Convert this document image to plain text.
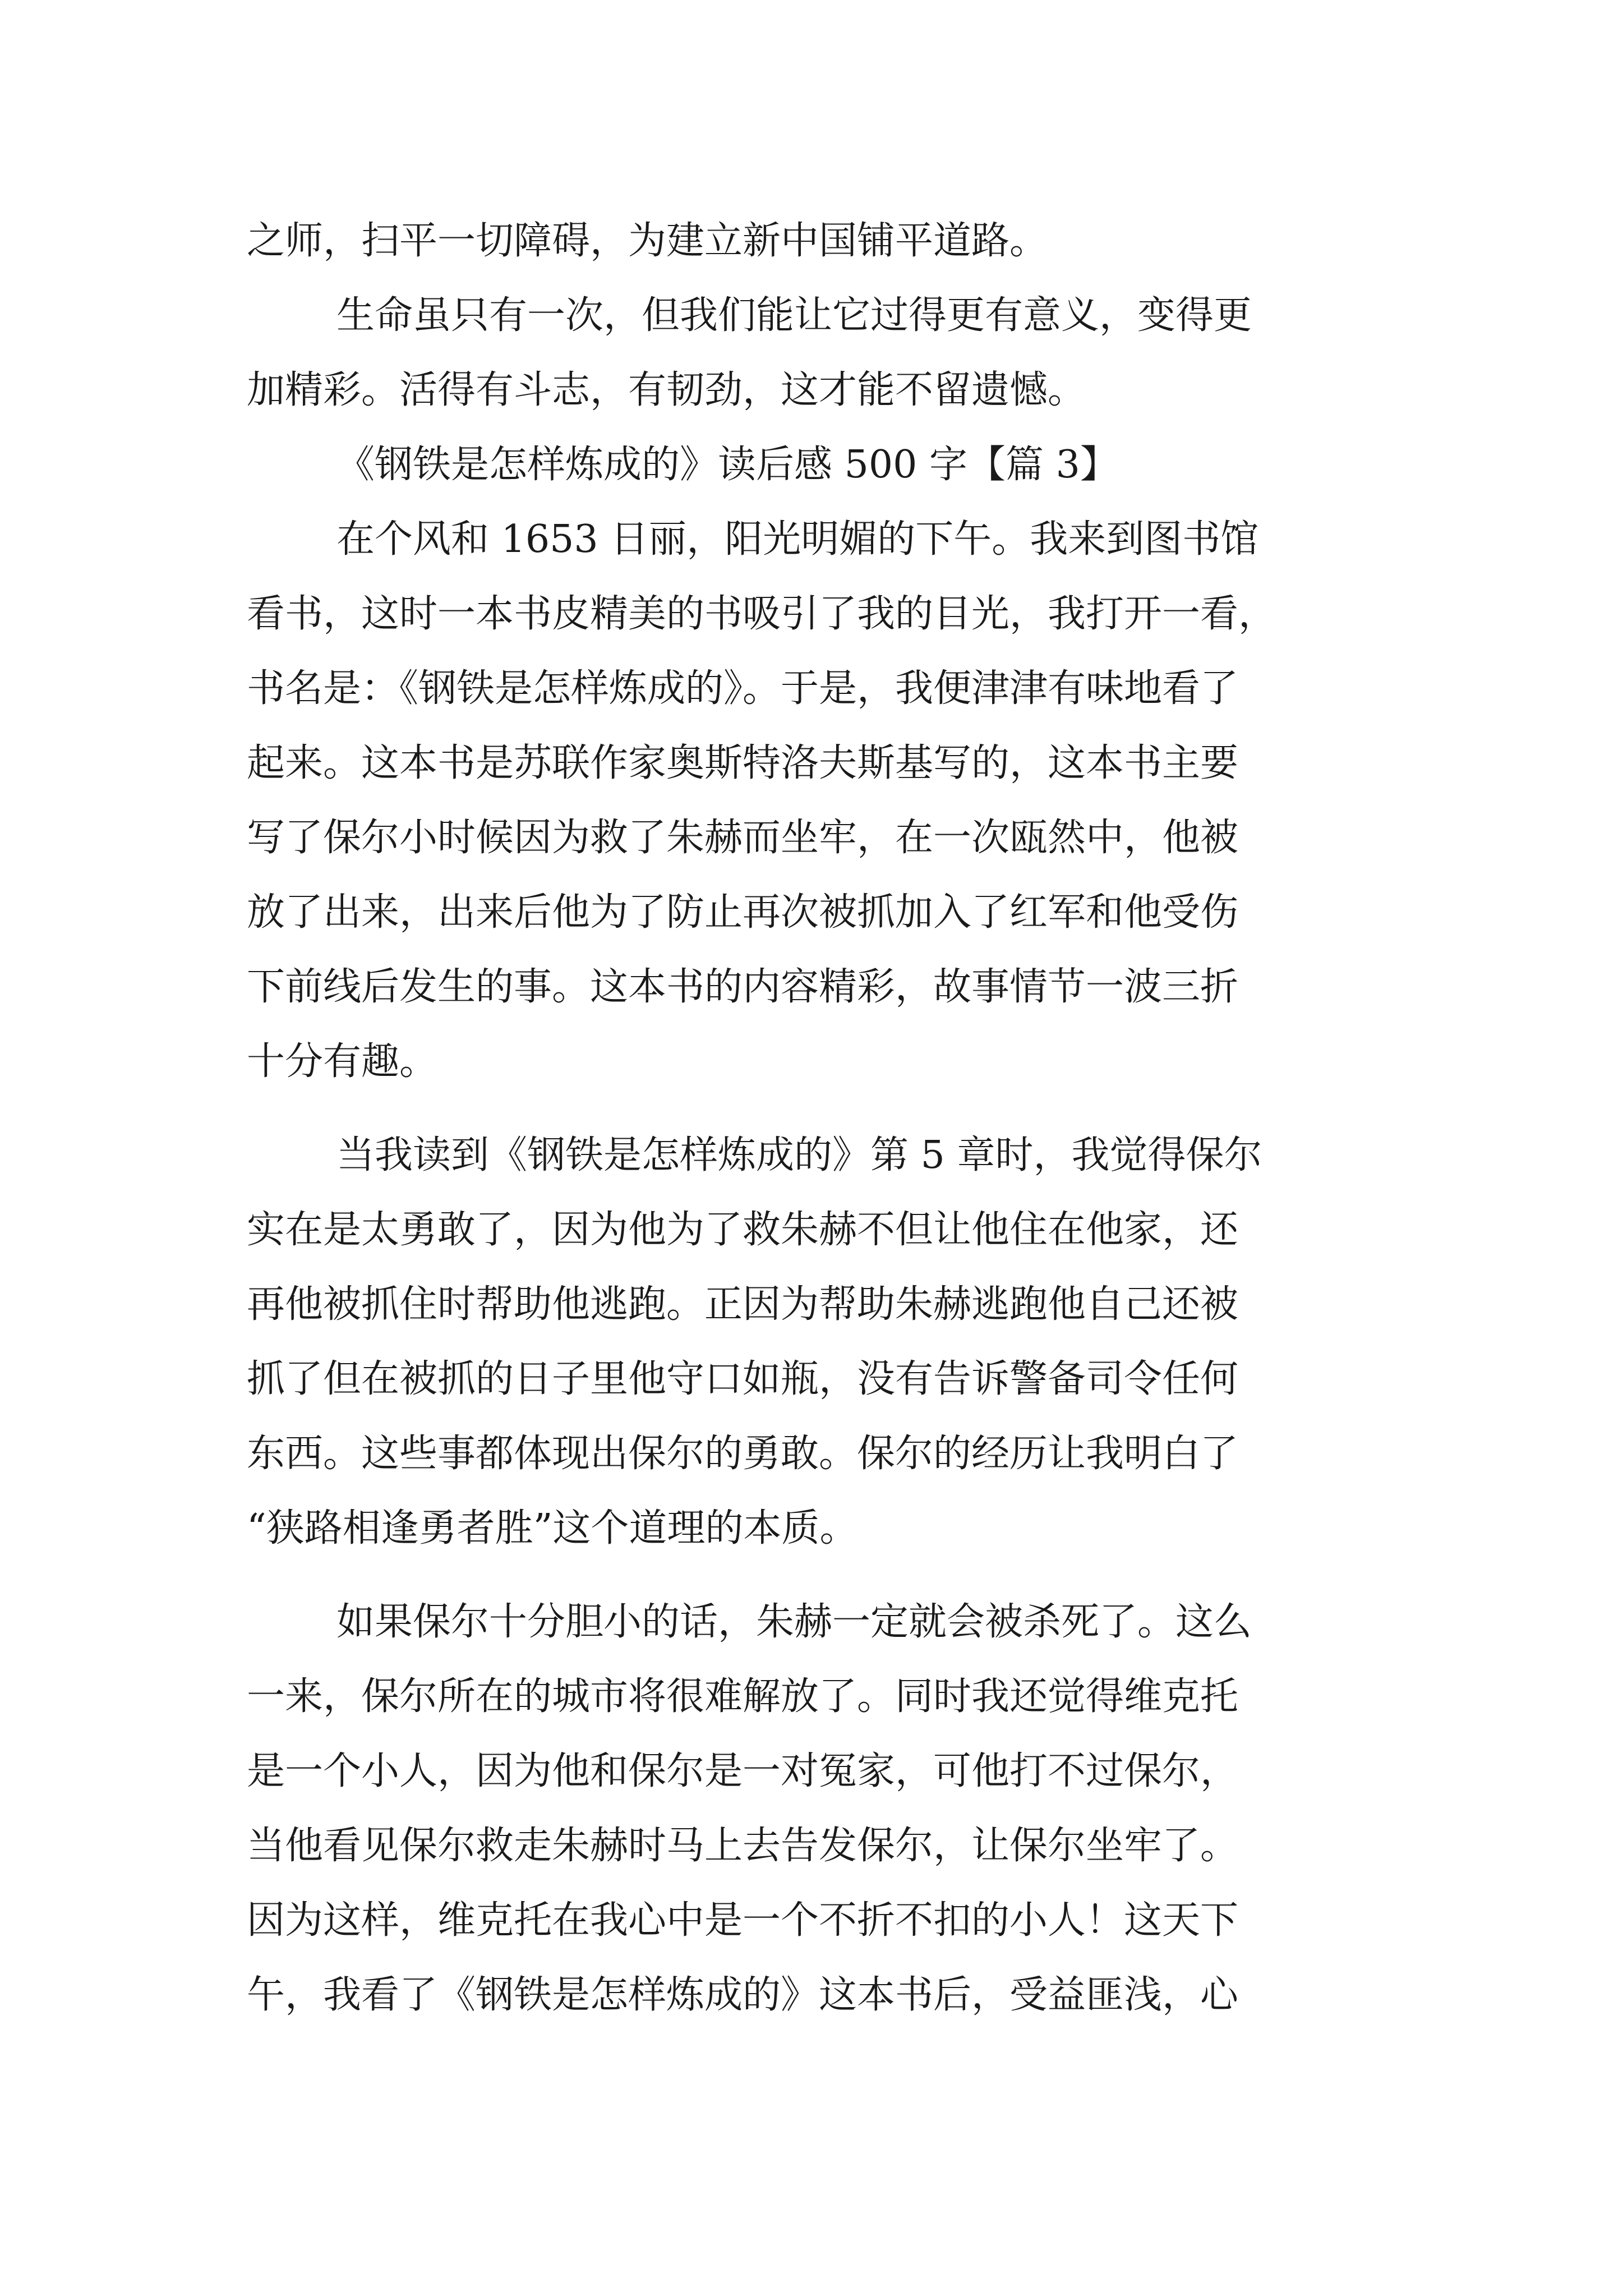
之师，扫平一切障碍，为建立新中国铺平道路。
生命虽只有一次，但我们能让它过得更有意义，变得更
加精彩。活得有斗志，有韧劲，这才能不留遗憾。
《钢铁是怎样炼成的》读后感 500 字【篇 3】
在个风和 1653 日丽，阳光明媚的下午。我来到图书馆
看书，这时一本书皮精美的书吸引了我的目光，我打开一看，
书名是：《钢铁是怎样炼成的》。于是，我便津津有味地看了
起来。这本书是苏联作家奥斯特洛夫斯基写的，这本书主要
写了保尔小时候因为救了朱赫而坐牢，在一次瓯然中，他被
放了出来，出来后他为了防止再次被抓加入了红军和他受伤
下前线后发生的事。这本书的内容精彩，故事情节一波三折
十分有趣。
当我读到《钢铁是怎样炼成的》第 5 章时，我觉得保尔
实在是太勇敢了，因为他为了救朱赫不但让他住在他家，还
再他被抓住时帮助他逃跑。正因为帮助朱赫逃跑他自己还被
抓了但在被抓的日子里他守口如瓶，没有告诉警备司令任何
东西。这些事都体现出保尔的勇敢。保尔的经历让我明白了
“狭路相逢勇者胜”这个道理的本质。
如果保尔十分胆小的话，朱赫一定就会被杀死了。这么
一来，保尔所在的城市将很难解放了。同时我还觉得维克托
是一个小人，因为他和保尔是一对冤家，可他打不过保尔，
当他看见保尔救走朱赫时马上去告发保尔，让保尔坐牢了。
因为这样，维克托在我心中是一个不折不扣的小人！这天下
午，我看了《钢铁是怎样炼成的》这本书后，受益匪浅，心
